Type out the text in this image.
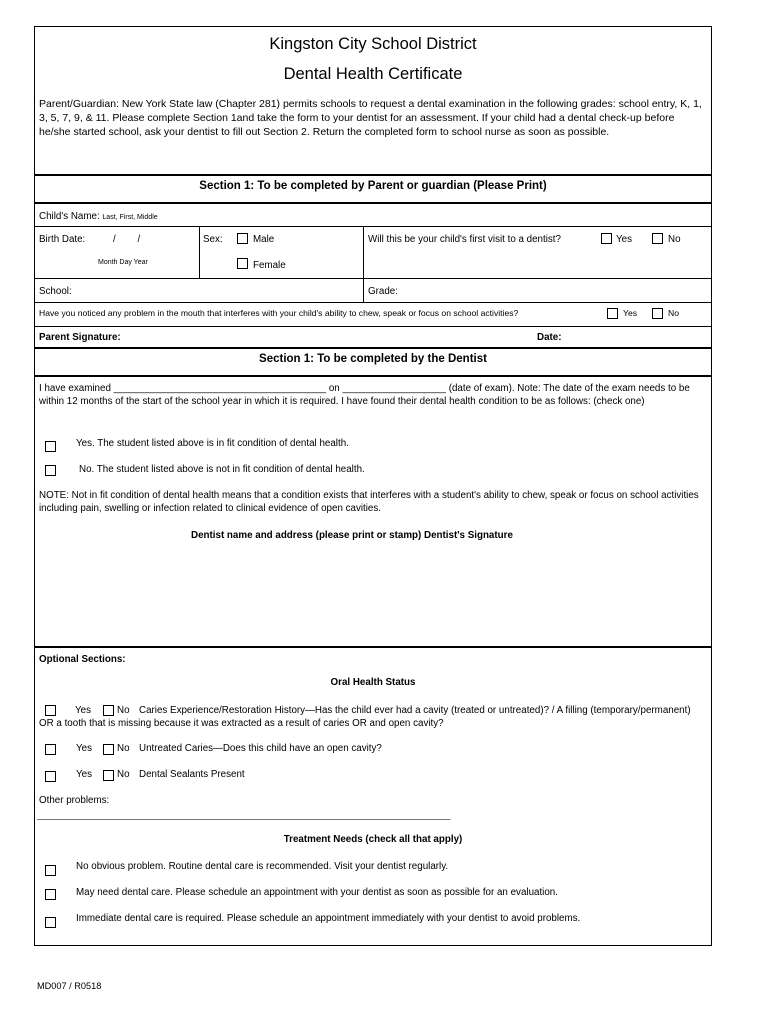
Kingston City School District
Dental Health Certificate
Parent/Guardian: New York State law (Chapter 281) permits schools to request a dental examination in the following grades: school entry, K, 1, 3, 5, 7, 9, & 11. Please complete Section 1and take the form to your dentist for an assessment. If your child had a dental check-up before he/she started school, ask your dentist to fill out Section 2. Return the completed form to school nurse as soon as possible.
Section 1: To be completed by Parent or guardian (Please Print)
Child's Name: Last, First, Middle
Birth Date:	/        /
Month Day Year
Sex:	Male
Female
Will this be your child's first visit to a dentist?	Yes	No
School:	Grade:
Have you noticed any problem in the mouth that interferes with your child's ability to chew, speak or focus on school activities?	Yes	No
Parent Signature:	Date:
Section 1: To be completed by the Dentist
I have examined _______________________________________ on ___________________ (date of exam). Note: The date of the exam needs to be within 12 months of the start of the school year in which it is required. I have found their dental health condition to be as follows: (check one)
Yes. The student listed above is in fit condition of dental health.
No. The student listed above is not in fit condition of dental health.
NOTE: Not in fit condition of dental health means that a condition exists that interferes with a student's ability to chew, speak or focus on school activities including pain, swelling or infection related to clinical evidence of open cavities.
Dentist name and address (please print or stamp) Dentist's Signature
Optional Sections:
Oral Health Status
Yes	No Caries Experience/Restoration History—Has the child ever had a cavity (treated or untreated)? / A filling (temporary/permanent) OR a tooth that is missing because it was extracted as a result of caries OR and open cavity?
Yes	No Untreated Caries—Does this child have an open cavity?
Yes	No Dental Sealants Present
Other problems:
______________________________________________________________________________________________________
Treatment Needs (check all that apply)
No obvious problem. Routine dental care is recommended. Visit your dentist regularly.
May need dental care. Please schedule an appointment with your dentist as soon as possible for an evaluation.
Immediate dental care is required. Please schedule an appointment immediately with your dentist to avoid problems.
MD007 / R0518
